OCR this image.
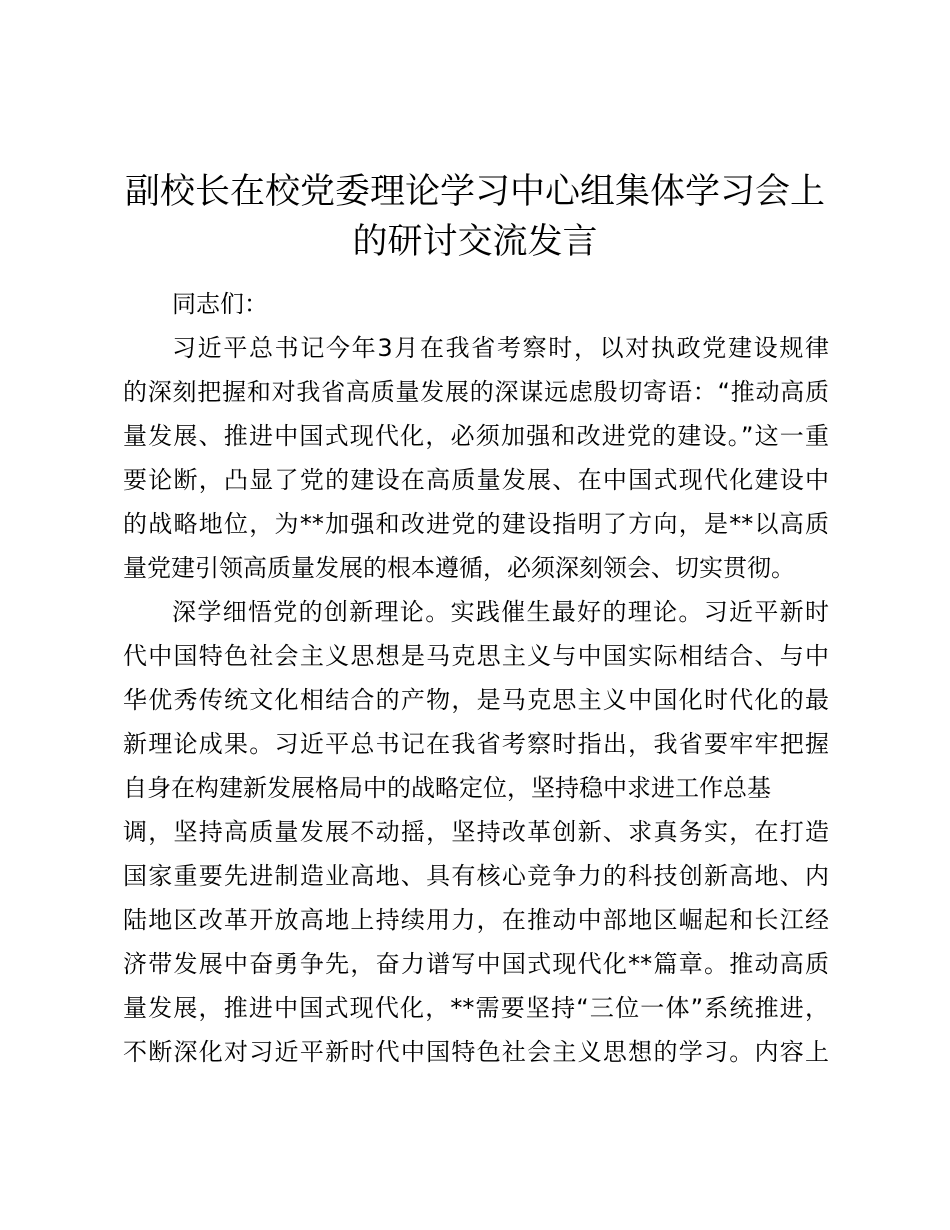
副校长在校党委理论学习中心组集体学习会上
的研讨交流发言
同志们：
习近平总书记今年3月在我省考察时，以对执政党建设规律
的深刻把握和对我省高质量发展的深谋远虑殷切寄语：“推动高质
量发展、推进中国式现代化，必须加强和改进党的建设。”这一重
要论断，凸显了党的建设在高质量发展、在中国式现代化建设中
的战略地位，为**加强和改进党的建设指明了方向，是**以高质
量党建引领高质量发展的根本遵循，必须深刻领会、切实贯彻。
深学细悟党的创新理论。实践催生最好的理论。习近平新时
代中国特色社会主义思想是马克思主义与中国实际相结合、与中
华优秀传统文化相结合的产物，是马克思主义中国化时代化的最
新理论成果。习近平总书记在我省考察时指出，我省要牢牢把握
自身在构建新发展格局中的战略定位，坚持稳中求进工作总基
调，坚持高质量发展不动摇，坚持改革创新、求真务实，在打造
国家重要先进制造业高地、具有核心竞争力的科技创新高地、内
陆地区改革开放高地上持续用力，在推动中部地区崛起和长江经
济带发展中奋勇争先，奋力谱写中国式现代化**篇章。推动高质
量发展，推进中国式现代化，**需要坚持“三位一体”系统推进，
不断深化对习近平新时代中国特色社会主义思想的学习。内容上
